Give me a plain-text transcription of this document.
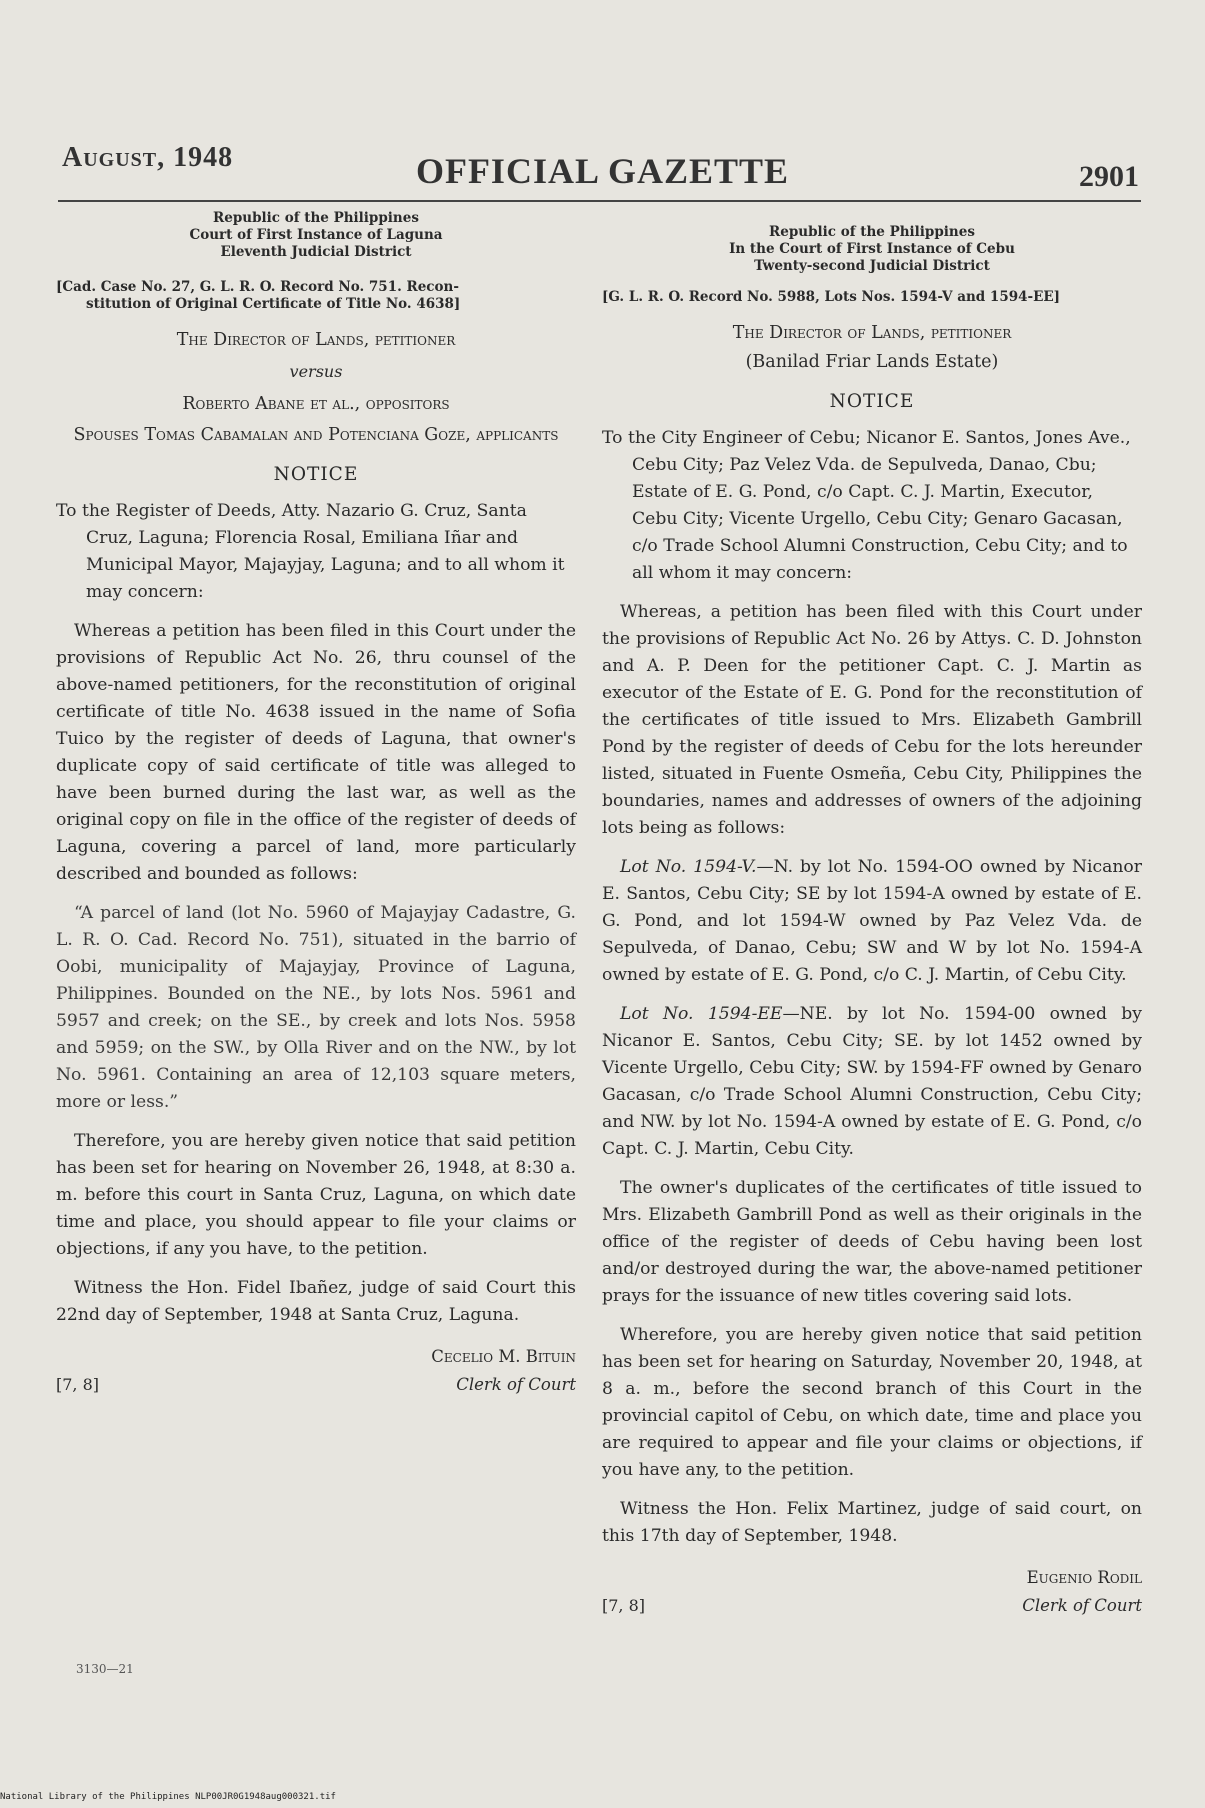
August, 1948	OFFICIAL GAZETTE	2901
Republic of the Philippines
Court of First Instance of Laguna
Eleventh Judicial District
[Cad. Case No. 27, G. L. R. O. Record No. 751. Recon-
stitution of Original Certificate of Title No. 4638]
The Director of Lands, petitioner
versus
Roberto Abane et al., oppositors
Spouses Tomas Cabamalan and Potenciana Goze, applicants
NOTICE
To the Register of Deeds, Atty. Nazario G. Cruz, Santa Cruz, Laguna; Florencia Rosal, Emiliana Iñar and Municipal Mayor, Majayjay, Laguna; and to all whom it may concern:
Whereas a petition has been filed in this Court under the provisions of Republic Act No. 26, thru counsel of the above-named petitioners, for the reconstitution of original certificate of title No. 4638 issued in the name of Sofia Tuico by the register of deeds of Laguna, that owner's duplicate copy of said certificate of title was alleged to have been burned during the last war, as well as the original copy on file in the office of the register of deeds of Laguna, covering a parcel of land, more particularly described and bounded as follows:
“A parcel of land (lot No. 5960 of Majayjay Cadastre, G. L. R. O. Cad. Record No. 751), situated in the barrio of Oobi, municipality of Majayjay, Province of Laguna, Philippines. Bounded on the NE., by lots Nos. 5961 and 5957 and creek; on the SE., by creek and lots Nos. 5958 and 5959; on the SW., by Olla River and on the NW., by lot No. 5961. Containing an area of 12,103 square meters, more or less.”
Therefore, you are hereby given notice that said petition has been set for hearing on November 26, 1948, at 8:30 a. m. before this court in Santa Cruz, Laguna, on which date time and place, you should appear to file your claims or objections, if any you have, to the petition.
Witness the Hon. Fidel Ibañez, judge of said Court this 22nd day of September, 1948 at Santa Cruz, Laguna.
Cecelio M. Bituin
[7, 8]	Clerk of Court
Republic of the Philippines
In the Court of First Instance of Cebu
Twenty-second Judicial District
[G. L. R. O. Record No. 5988, Lots Nos. 1594-V and 1594-EE]
The Director of Lands, petitioner
(Banilad Friar Lands Estate)
NOTICE
To the City Engineer of Cebu; Nicanor E. Santos, Jones Ave., Cebu City; Paz Velez Vda. de Sepulveda, Danao, Cbu; Estate of E. G. Pond, c/o Capt. C. J. Martin, Executor, Cebu City; Vicente Urgello, Cebu City; Genaro Gacasan, c/o Trade School Alumni Construction, Cebu City; and to all whom it may concern:
Whereas, a petition has been filed with this Court under the provisions of Republic Act No. 26 by Attys. C. D. Johnston and A. P. Deen for the petitioner Capt. C. J. Martin as executor of the Estate of E. G. Pond for the reconstitution of the certificates of title issued to Mrs. Elizabeth Gambrill Pond by the register of deeds of Cebu for the lots hereunder listed, situated in Fuente Osmeña, Cebu City, Philippines the boundaries, names and addresses of owners of the adjoining lots being as follows:
Lot No. 1594-V.—N. by lot No. 1594-OO owned by Nicanor E. Santos, Cebu City; SE by lot 1594-A owned by estate of E. G. Pond, and lot 1594-W owned by Paz Velez Vda. de Sepulveda, of Danao, Cebu; SW and W by lot No. 1594-A owned by estate of E. G. Pond, c/o C. J. Martin, of Cebu City.
Lot No. 1594-EE—NE. by lot No. 1594-00 owned by Nicanor E. Santos, Cebu City; SE. by lot 1452 owned by Vicente Urgello, Cebu City; SW. by 1594-FF owned by Genaro Gacasan, c/o Trade School Alumni Construction, Cebu City; and NW. by lot No. 1594-A owned by estate of E. G. Pond, c/o Capt. C. J. Martin, Cebu City.
The owner's duplicates of the certificates of title issued to Mrs. Elizabeth Gambrill Pond as well as their originals in the office of the register of deeds of Cebu having been lost and/or destroyed during the war, the above-named petitioner prays for the issuance of new titles covering said lots.
Wherefore, you are hereby given notice that said petition has been set for hearing on Saturday, November 20, 1948, at 8 a. m., before the second branch of this Court in the provincial capitol of Cebu, on which date, time and place you are required to appear and file your claims or objections, if you have any, to the petition.
Witness the Hon. Felix Martinez, judge of said court, on this 17th day of September, 1948.
Eugenio Rodil
[7, 8]	Clerk of Court
3130—21
National Library of the Philippines NLP00JR0G1948aug000321.tif
